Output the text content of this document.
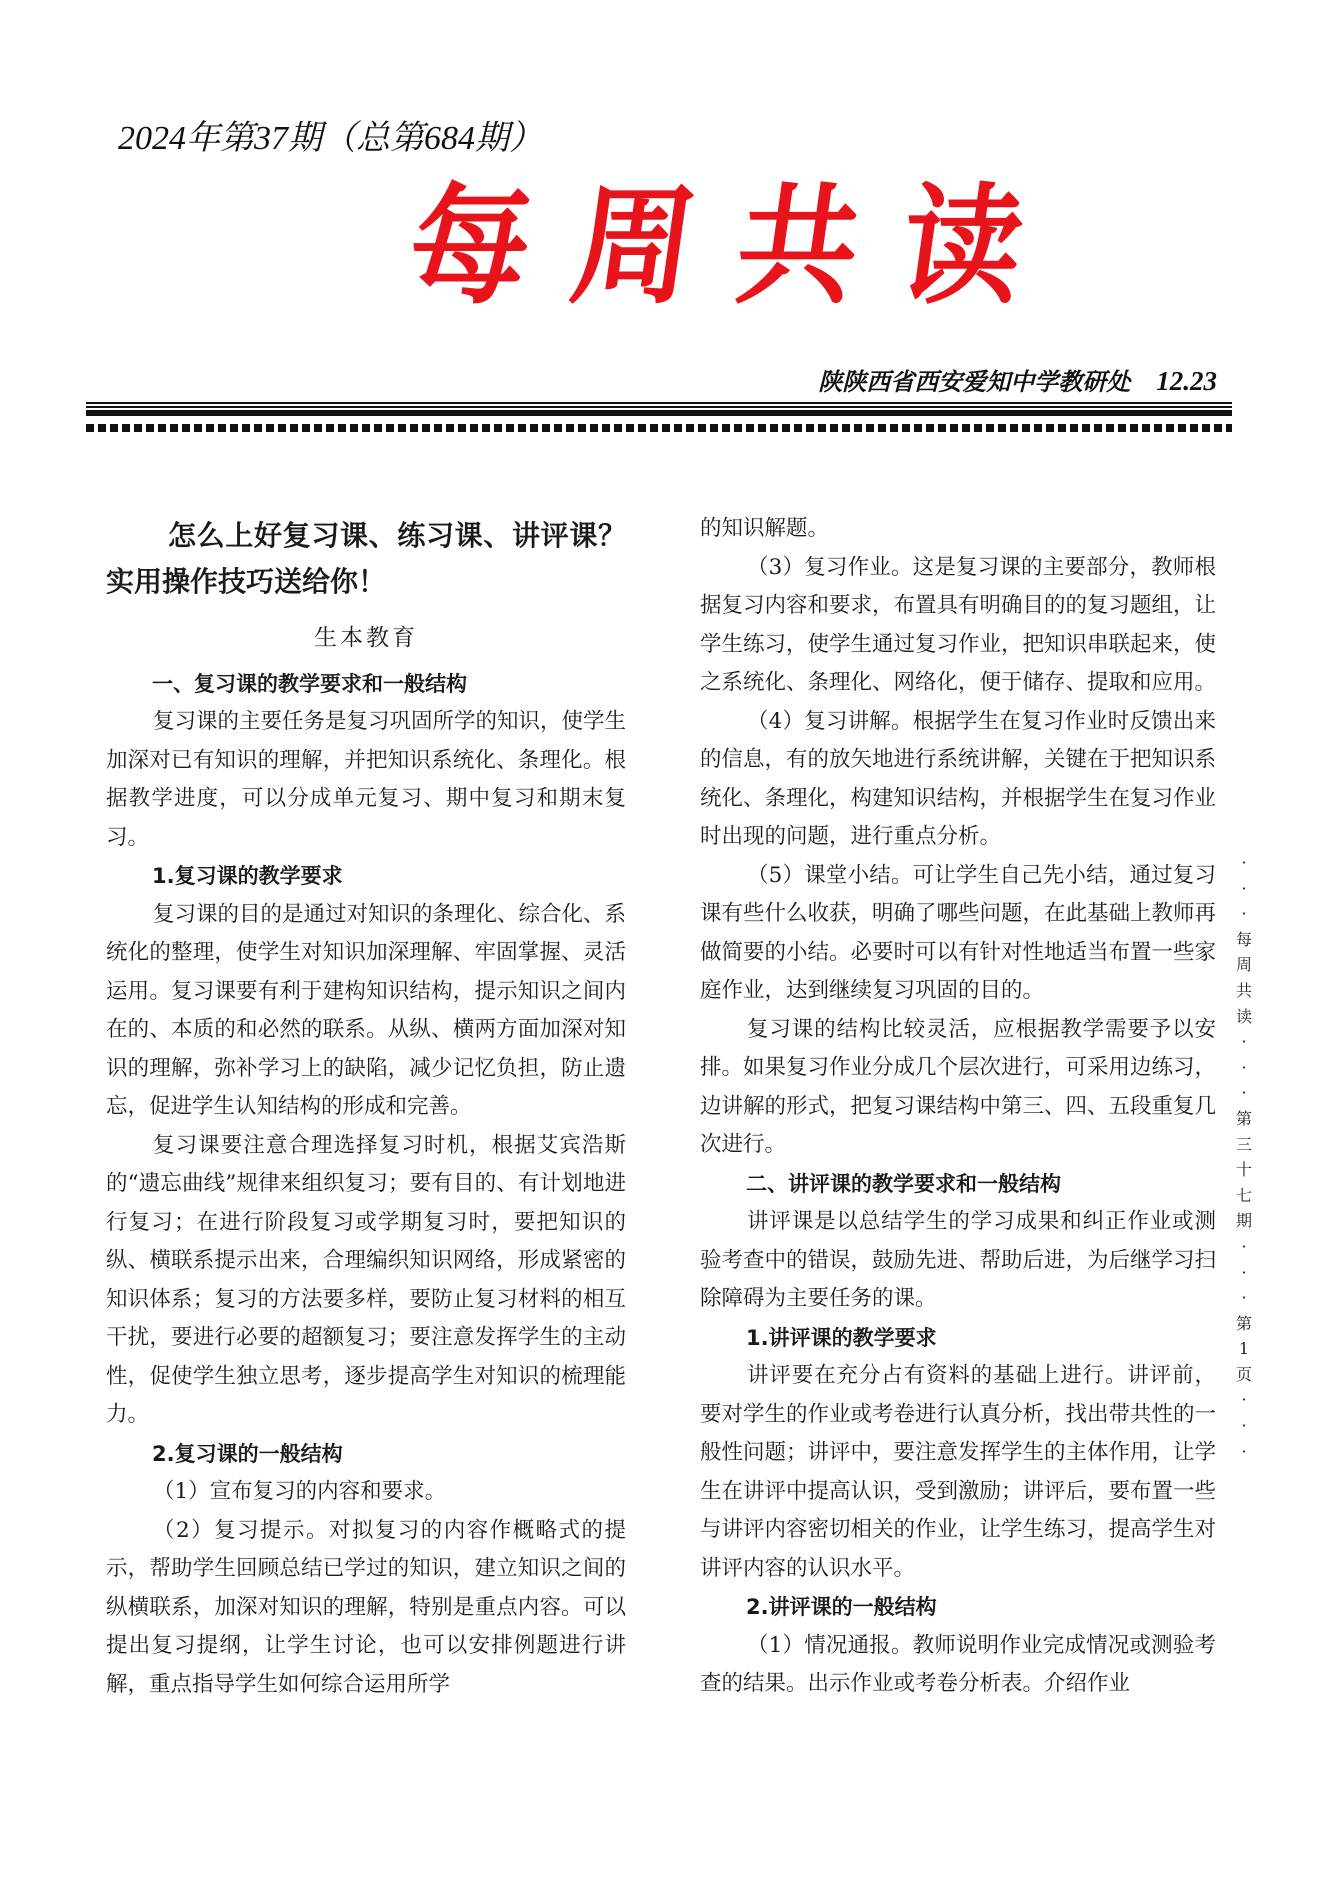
2024年第37期（总第684期）
每周共读
陕陕西省西安爱知中学教研处 12.23

怎么上好复习课、练习课、讲评课？实用操作技巧送给你！

生本教育

一、复习课的教学要求和一般结构

复习课的主要任务是复习巩固所学的知识，使学生加深对已有知识的理解，并把知识系统化、条理化。根据教学进度，可以分成单元复习、期中复习和期末复习。

1.复习课的教学要求

复习课的目的是通过对知识的条理化、综合化、系统化的整理，使学生对知识加深理解、牢固掌握、灵活运用。复习课要有利于建构知识结构，提示知识之间内在的、本质的和必然的联系。从纵、横两方面加深对知识的理解，弥补学习上的缺陷，减少记忆负担，防止遗忘，促进学生认知结构的形成和完善。

复习课要注意合理选择复习时机，根据艾宾浩斯的“遗忘曲线”规律来组织复习；要有目的、有计划地进行复习；在进行阶段复习或学期复习时，要把知识的纵、横联系提示出来，合理编织知识网络，形成紧密的知识体系；复习的方法要多样，要防止复习材料的相互干扰，要进行必要的超额复习；要注意发挥学生的主动性，促使学生独立思考，逐步提高学生对知识的梳理能力。

2.复习课的一般结构

（1）宣布复习的内容和要求。

（2）复习提示。对拟复习的内容作概略式的提示，帮助学生回顾总结已学过的知识，建立知识之间的纵横联系，加深对知识的理解，特别是重点内容。可以提出复习提纲，让学生讨论，也可以安排例题进行讲解，重点指导学生如何综合运用所学

的知识解题。

（3）复习作业。这是复习课的主要部分，教师根据复习内容和要求，布置具有明确目的的复习题组，让学生练习，使学生通过复习作业，把知识串联起来，使之系统化、条理化、网络化，便于储存、提取和应用。

（4）复习讲解。根据学生在复习作业时反馈出来的信息，有的放矢地进行系统讲解，关键在于把知识系统化、条理化，构建知识结构，并根据学生在复习作业时出现的问题，进行重点分析。

（5）课堂小结。可让学生自己先小结，通过复习课有些什么收获，明确了哪些问题，在此基础上教师再做简要的小结。必要时可以有针对性地适当布置一些家庭作业，达到继续复习巩固的目的。

复习课的结构比较灵活，应根据教学需要予以安排。如果复习作业分成几个层次进行，可采用边练习，边讲解的形式，把复习课结构中第三、四、五段重复几次进行。

二、讲评课的教学要求和一般结构

讲评课是以总结学生的学习成果和纠正作业或测验考查中的错误，鼓励先进、帮助后进，为后继学习扫除障碍为主要任务的课。

1.讲评课的教学要求

讲评要在充分占有资料的基础上进行。讲评前，要对学生的作业或考卷进行认真分析，找出带共性的一般性问题；讲评中，要注意发挥学生的主体作用，让学生在讲评中提高认识，受到激励；讲评后，要布置一些与讲评内容密切相关的作业，让学生练习，提高学生对讲评内容的认识水平。

2.讲评课的一般结构

（1）情况通报。教师说明作业完成情况或测验考查的结果。出示作业或考卷分析表。介绍作业

·
·
·
每
周
共
读
·
·
·
第
三
十
七
期
·
·
·
第
1
页
·
·
·
